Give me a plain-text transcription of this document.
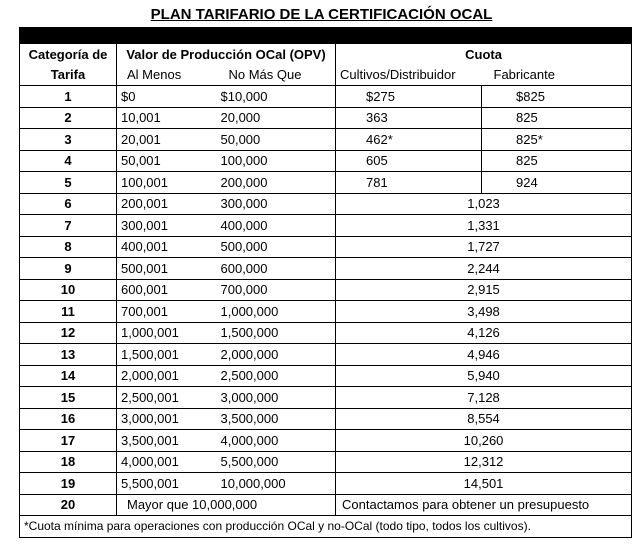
PLAN TARIFARIO DE LA CERTIFICACIÓN OCAL

Categoría de	Valor de Producción OCal (OPV)		Cuota	
Tarifa	Al Menos	No Más Que	Cultivos/Distribuidor	Fabricante
1	$0	$10,000	$275	$825
2	10,001	20,000	363	825
3	20,001	50,000	462*	825*
4	50,001	100,000	605	825
5	100,001	200,000	781	924
6	200,001	300,000	1,023	
7	300,001	400,000	1,331	
8	400,001	500,000	1,727	
9	500,001	600,000	2,244	
10	600,001	700,000	2,915	
11	700,001	1,000,000	3,498	
12	1,000,001	1,500,000	4,126	
13	1,500,001	2,000,000	4,946	
14	2,000,001	2,500,000	5,940	
15	2,500,001	3,000,000	7,128	
16	3,000,001	3,500,000	8,554	
17	3,500,001	4,000,000	10,260	
18	4,000,001	5,500,000	12,312	
19	5,500,001	10,000,000	14,501	
20	Mayor que 10,000,000		Contactamos para obtener un presupuesto	
*Cuota mínima para operaciones con producción OCal y no-OCal (todo tipo, todos los cultivos).				
